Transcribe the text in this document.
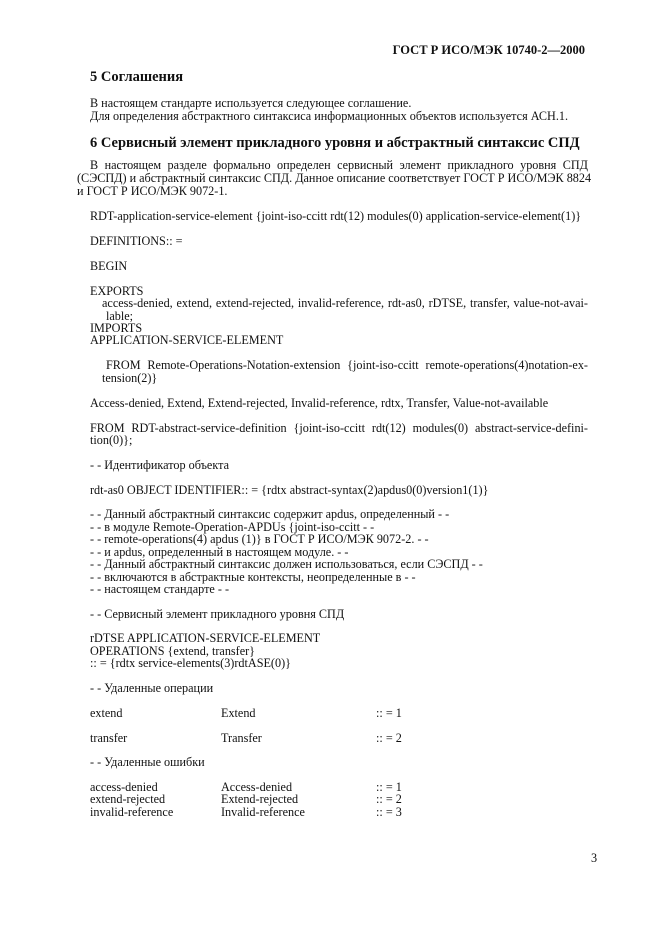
ГОСТ Р ИСО/МЭК 10740-2—2000
5 Соглашения
В настоящем стандарте используется следующее соглашение.
Для определения абстрактного синтаксиса информационных объектов используется АСН.1.
6 Сервисный элемент прикладного уровня и абстрактный синтаксис СПД
В настоящем разделе формально определен сервисный элемент прикладного уровня СПД
(СЭСПД) и абстрактный синтаксис СПД. Данное описание соответствует ГОСТ Р ИСО/МЭК 8824
и ГОСТ Р ИСО/МЭК 9072-1.
RDT-application-service-element {joint-iso-ccitt rdt(12) modules(0) application-service-element(1)}
DEFINITIONS:: =
BEGIN
EXPORTS
access-denied, extend, extend-rejected, invalid-reference, rdt-as0, rDTSE, transfer, value-not-avai-
lable;
IMPORTS
APPLICATION-SERVICE-ELEMENT
FROM Remote-Operations-Notation-extension {joint-iso-ccitt remote-operations(4)notation-ex-
tension(2)}
Access-denied, Extend, Extend-rejected, Invalid-reference, rdtx, Transfer, Value-not-available
FROM RDT-abstract-service-definition {joint-iso-ccitt rdt(12) modules(0) abstract-service-defini-
tion(0)};
- - Идентификатор объекта
rdt-as0 OBJECT IDENTIFIER:: = {rdtx abstract-syntax(2)apdus0(0)version1(1)}
- - Данный абстрактный синтаксис содержит apdus, определенный - -
- - в модуле Remote-Operation-APDUs {joint-iso-ccitt - -
- - remote-operations(4) apdus (1)} в ГОСТ Р ИСО/МЭК 9072-2. - -
- - и apdus, определенный в настоящем модуле. - -
- - Данный абстрактный синтаксис должен использоваться, если СЭСПД - -
- - включаются в абстрактные контексты, неопределенные в - -
- - настоящем стандарте - -
- - Сервисный элемент прикладного уровня СПД
rDTSE APPLICATION-SERVICE-ELEMENT
OPERATIONS {extend, transfer}
:: = {rdtx service-elements(3)rdtASE(0)}
- - Удаленные операции
extend	Extend	:: = 1
transfer	Transfer	:: = 2
- - Удаленные ошибки
access-denied	Access-denied	:: = 1
extend-rejected	Extend-rejected	:: = 2
invalid-reference	Invalid-reference	:: = 3
3
